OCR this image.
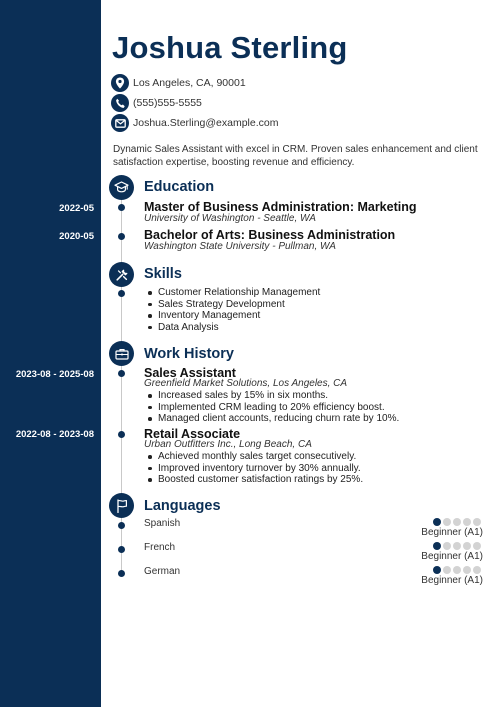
2022-05
2020-05
2023-08 - 2025-08
2022-08 - 2023-08
Joshua Sterling
Los Angeles, CA, 90001
(555)555-5555
Joshua.Sterling@example.com
Dynamic Sales Assistant with excel in CRM. Proven sales enhancement and client satisfaction expertise, boosting revenue and efficiency.
Education
Master of Business Administration: Marketing
University of Washington - Seattle, WA
Bachelor of Arts: Business Administration
Washington State University - Pullman, WA
Skills
Customer Relationship Management
Sales Strategy Development
Inventory Management
Data Analysis
Work History
Sales Assistant
Greenfield Market Solutions, Los Angeles, CA
Increased sales by 15% in six months.
Implemented CRM leading to 20% efficiency boost.
Managed client accounts, reducing churn rate by 10%.
Retail Associate
Urban Outfitters Inc., Long Beach, CA
Achieved monthly sales target consecutively.
Improved inventory turnover by 30% annually.
Boosted customer satisfaction ratings by 25%.
Languages
Spanish
Beginner (A1)
French
Beginner (A1)
German
Beginner (A1)
